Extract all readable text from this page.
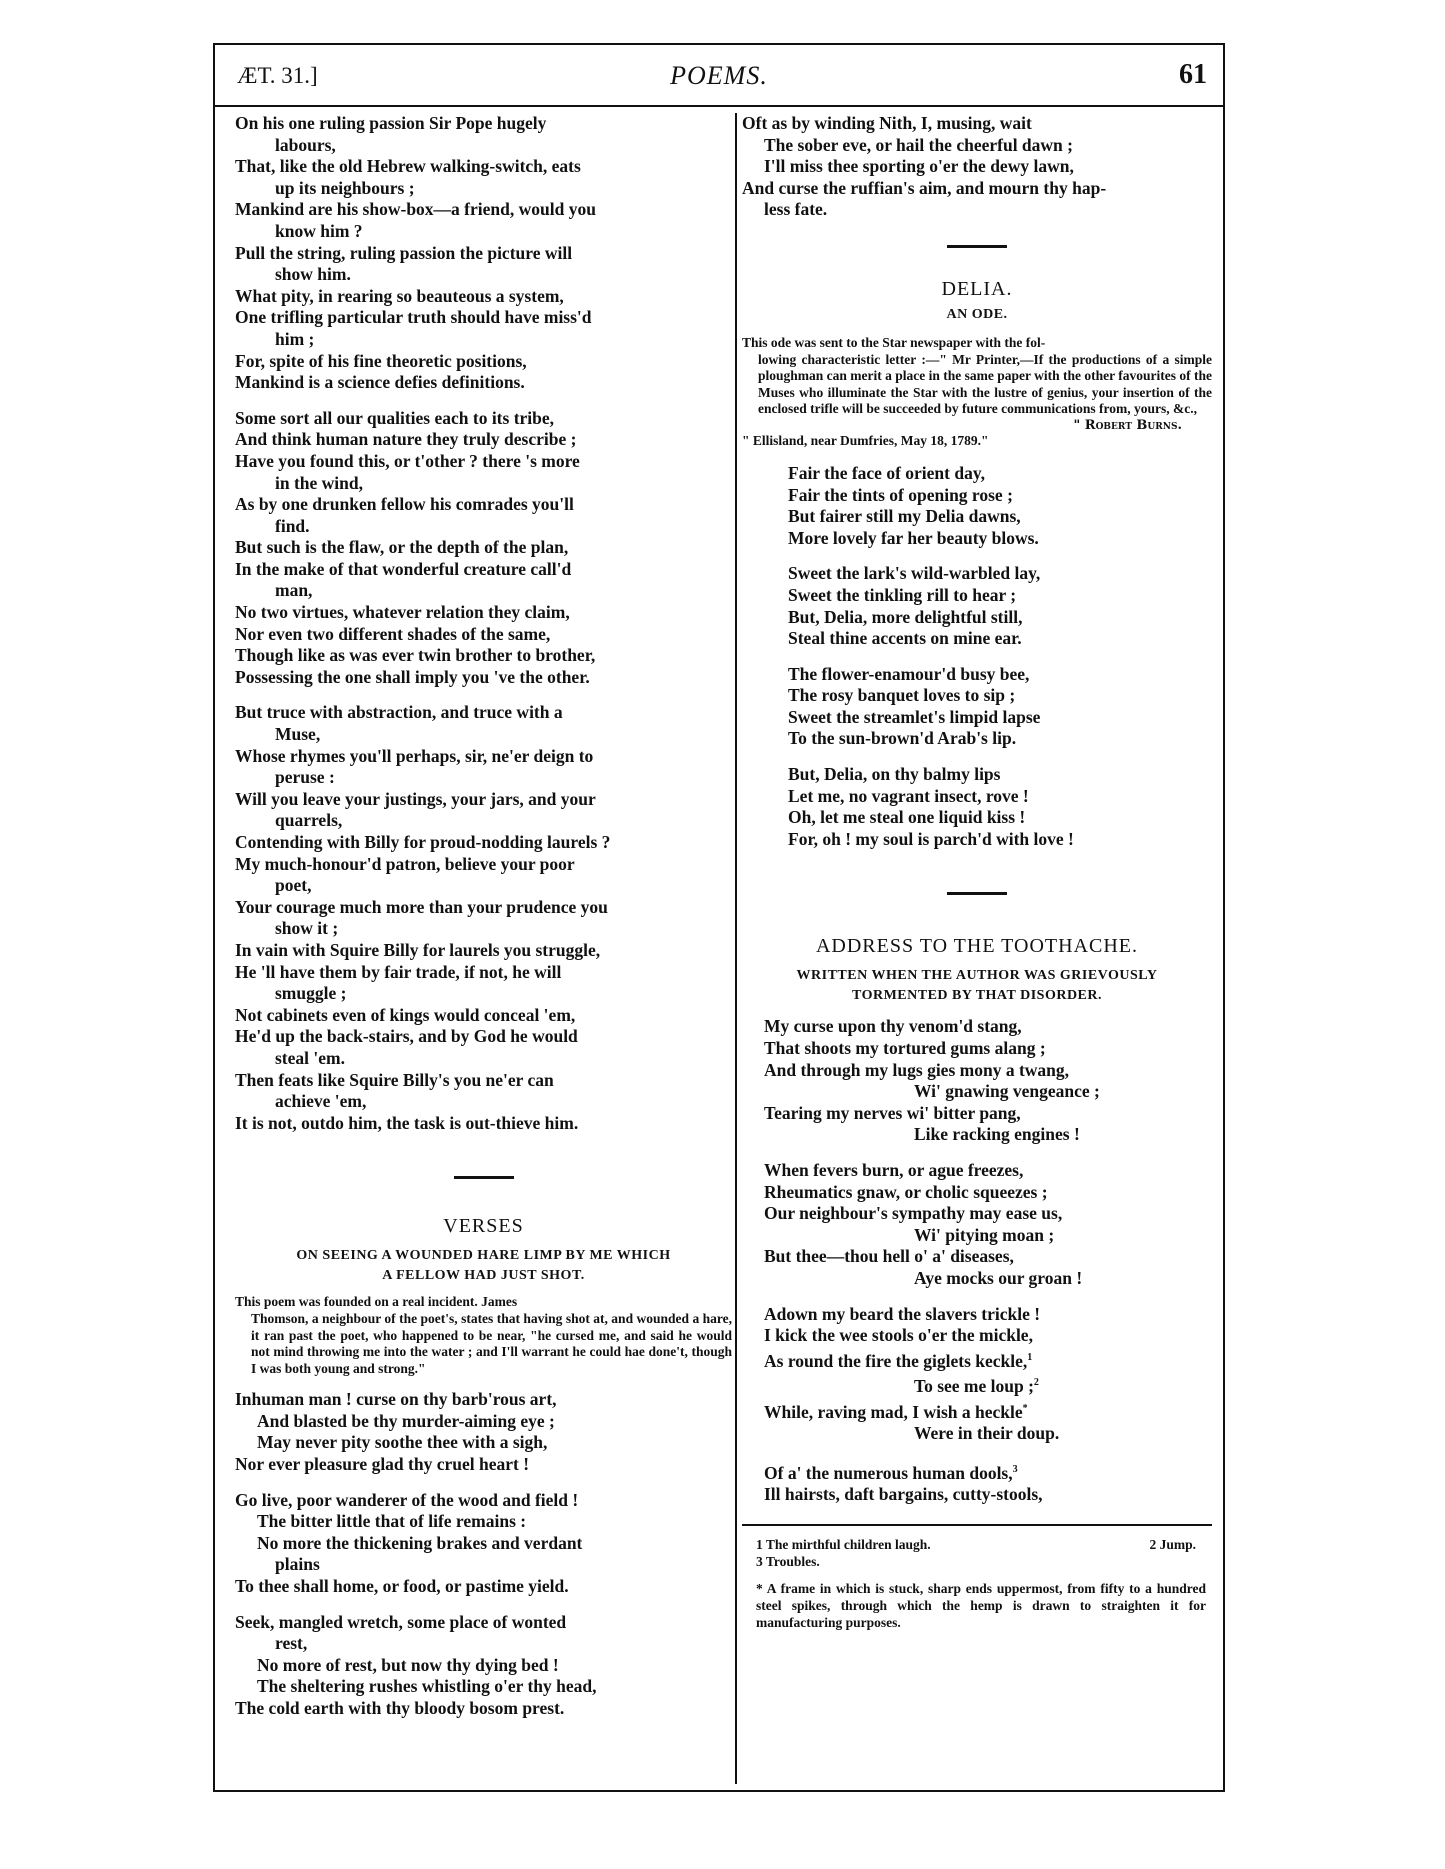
ÆT. 31.]	POEMS.	61
On his one ruling passion Sir Pope hugely
labours,
That, like the old Hebrew walking-switch, eats
up its neighbours ;
Mankind are his show-box—a friend, would you
know him ?
Pull the string, ruling passion the picture will
show him.
What pity, in rearing so beauteous a system,
One trifling particular truth should have miss'd
him ;
For, spite of his fine theoretic positions,
Mankind is a science defies definitions.
Some sort all our qualities each to its tribe,
And think human nature they truly describe ;
Have you found this, or t'other ? there 's more
in the wind,
As by one drunken fellow his comrades you'll
find.
But such is the flaw, or the depth of the plan,
In the make of that wonderful creature call'd
man,
No two virtues, whatever relation they claim,
Nor even two different shades of the same,
Though like as was ever twin brother to brother,
Possessing the one shall imply you 've the other.
But truce with abstraction, and truce with a
Muse,
Whose rhymes you'll perhaps, sir, ne'er deign to
peruse :
Will you leave your justings, your jars, and your
quarrels,
Contending with Billy for proud-nodding laurels ?
My much-honour'd patron, believe your poor
poet,
Your courage much more than your prudence you
show it ;
In vain with Squire Billy for laurels you struggle,
He 'll have them by fair trade, if not, he will
smuggle ;
Not cabinets even of kings would conceal 'em,
He'd up the back-stairs, and by God he would
steal 'em.
Then feats like Squire Billy's you ne'er can
achieve 'em,
It is not, outdo him, the task is out-thieve him.
VERSES
ON SEEING A WOUNDED HARE LIMP BY ME WHICH
A FELLOW HAD JUST SHOT.
This poem was founded on a real incident. James
Thomson, a neighbour of the poet's, states that having shot at, and wounded a hare, it ran past the poet, who happened to be near, "he cursed me, and said he would not mind throwing me into the water ; and I'll warrant he could hae done't, though I was both young and strong."
Inhuman man ! curse on thy barb'rous art,
And blasted be thy murder-aiming eye ;
May never pity soothe thee with a sigh,
Nor ever pleasure glad thy cruel heart !
Go live, poor wanderer of the wood and field !
The bitter little that of life remains :
No more the thickening brakes and verdant
plains
To thee shall home, or food, or pastime yield.
Seek, mangled wretch, some place of wonted
rest,
No more of rest, but now thy dying bed !
The sheltering rushes whistling o'er thy head,
The cold earth with thy bloody bosom prest.
Oft as by winding Nith, I, musing, wait
The sober eve, or hail the cheerful dawn ;
I'll miss thee sporting o'er the dewy lawn,
And curse the ruffian's aim, and mourn thy hap-
less fate.
DELIA.
AN ODE.
This ode was sent to the Star newspaper with the fol-
lowing characteristic letter :—" Mr Printer,—If the productions of a simple ploughman can merit a place in the same paper with the other favourites of the Muses who illuminate the Star with the lustre of genius, your insertion of the enclosed trifle will be succeeded by future communications from, yours, &c.,
" Robert Burns.
" Ellisland, near Dumfries, May 18, 1789."
Fair the face of orient day,
Fair the tints of opening rose ;
But fairer still my Delia dawns,
More lovely far her beauty blows.
Sweet the lark's wild-warbled lay,
Sweet the tinkling rill to hear ;
But, Delia, more delightful still,
Steal thine accents on mine ear.
The flower-enamour'd busy bee,
The rosy banquet loves to sip ;
Sweet the streamlet's limpid lapse
To the sun-brown'd Arab's lip.
But, Delia, on thy balmy lips
Let me, no vagrant insect, rove !
Oh, let me steal one liquid kiss !
For, oh ! my soul is parch'd with love !
ADDRESS TO THE TOOTHACHE.
WRITTEN WHEN THE AUTHOR WAS GRIEVOUSLY
TORMENTED BY THAT DISORDER.
My curse upon thy venom'd stang,
That shoots my tortured gums alang ;
And through my lugs gies mony a twang,
Wi' gnawing vengeance ;
Tearing my nerves wi' bitter pang,
Like racking engines !
When fevers burn, or ague freezes,
Rheumatics gnaw, or cholic squeezes ;
Our neighbour's sympathy may ease us,
Wi' pitying moan ;
But thee—thou hell o' a' diseases,
Aye mocks our groan !
Adown my beard the slavers trickle !
I kick the wee stools o'er the mickle,
As round the fire the giglets keckle,$^1$
To see me loup ;$^2$
While, raving mad, I wish a heckle*
Were in their doup.
Of a' the numerous human dools,$^3$
Ill hairsts, daft bargains, cutty-stools,
1 The mirthful children laugh.	2 Jump.
3 Troubles.
* A frame in which is stuck, sharp ends uppermost, from fifty to a hundred steel spikes, through which the hemp is drawn to straighten it for manufacturing purposes.
